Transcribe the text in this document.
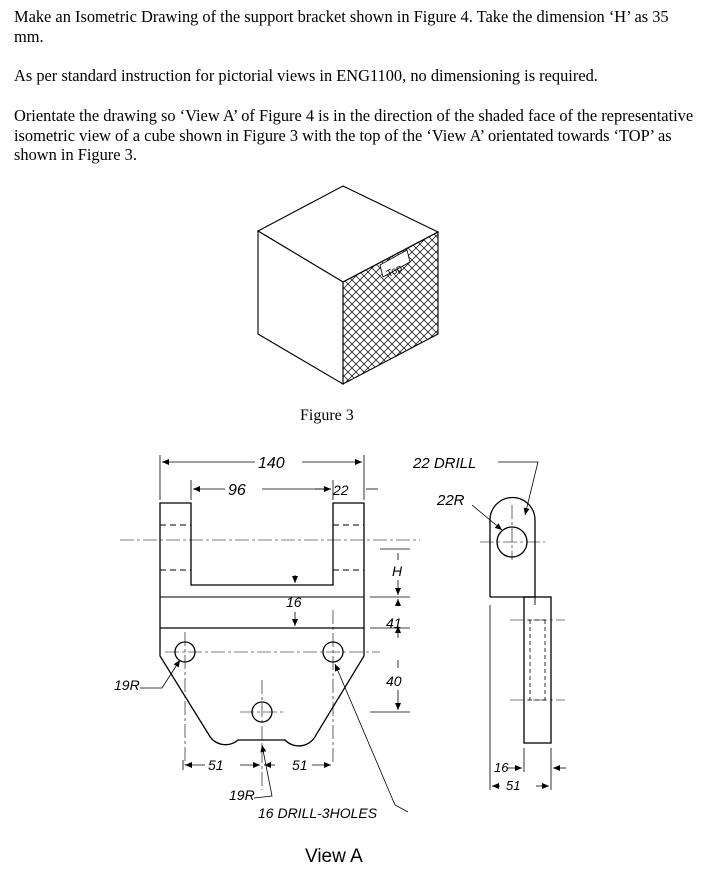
Make an Isometric Drawing of the support bracket shown in Figure 4. Take the dimension ‘H’ as 35 mm.

As per standard instruction for pictorial views in ENG1100, no dimensioning is required.

Orientate the drawing so ‘View A’ of Figure 4 is in the direction of the shaded face of the representative isometric view of a cube shown in Figure 3 with the top of the ‘View A’ orientated towards ‘TOP’ as shown in Figure 3.

Top
140
96	22
16
H
41
40
19R
51	51
19R
16 DRILL-3HOLES
22 DRILL
22R
16
51
Figure 3
View A
